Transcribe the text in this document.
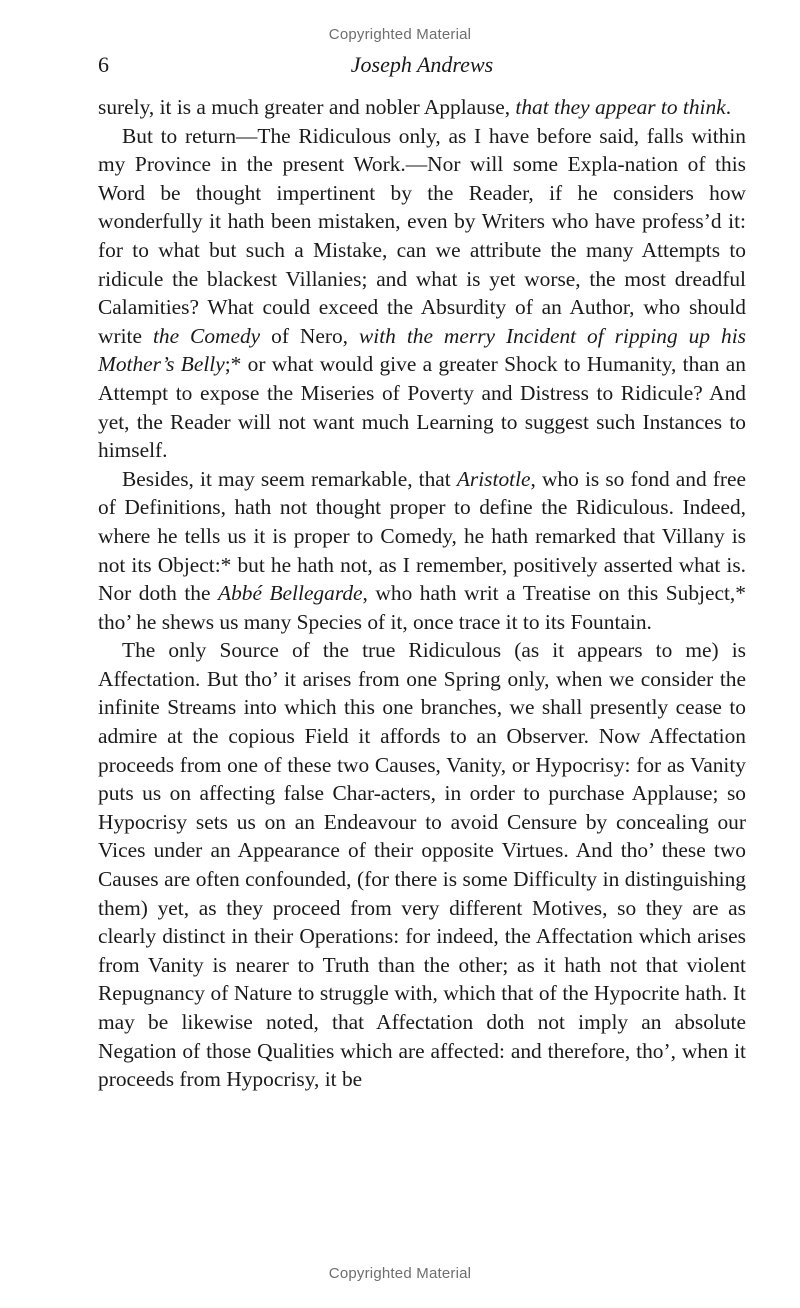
Copyrighted Material
6	Joseph Andrews

surely, it is a much greater and nobler Applause, that they appear to think.

But to return—The Ridiculous only, as I have before said, falls within my Province in the present Work.—Nor will some Expla-nation of this Word be thought impertinent by the Reader, if he considers how wonderfully it hath been mistaken, even by Writers who have profess’d it: for to what but such a Mistake, can we attribute the many Attempts to ridicule the blackest Villanies; and what is yet worse, the most dreadful Calamities? What could exceed the Absurdity of an Author, who should write the Comedy of Nero, with the merry Incident of ripping up his Mother’s Belly;* or what would give a greater Shock to Humanity, than an Attempt to expose the Miseries of Poverty and Distress to Ridicule? And yet, the Reader will not want much Learning to suggest such Instances to himself.

Besides, it may seem remarkable, that Aristotle, who is so fond and free of Definitions, hath not thought proper to define the Ridiculous. Indeed, where he tells us it is proper to Comedy, he hath remarked that Villany is not its Object:* but he hath not, as I remember, positively asserted what is. Nor doth the Abbé Bellegarde, who hath writ a Treatise on this Subject,* tho’ he shews us many Species of it, once trace it to its Fountain.

The only Source of the true Ridiculous (as it appears to me) is Affectation. But tho’ it arises from one Spring only, when we consider the infinite Streams into which this one branches, we shall presently cease to admire at the copious Field it affords to an Observer. Now Affectation proceeds from one of these two Causes, Vanity, or Hypocrisy: for as Vanity puts us on affecting false Char-acters, in order to purchase Applause; so Hypocrisy sets us on an Endeavour to avoid Censure by concealing our Vices under an Appearance of their opposite Virtues. And tho’ these two Causes are often confounded, (for there is some Difficulty in distinguishing them) yet, as they proceed from very different Motives, so they are as clearly distinct in their Operations: for indeed, the Affectation which arises from Vanity is nearer to Truth than the other; as it hath not that violent Repugnancy of Nature to struggle with, which that of the Hypocrite hath. It may be likewise noted, that Affectation doth not imply an absolute Negation of those Qualities which are affected: and therefore, tho’, when it proceeds from Hypocrisy, it be

Copyrighted Material
